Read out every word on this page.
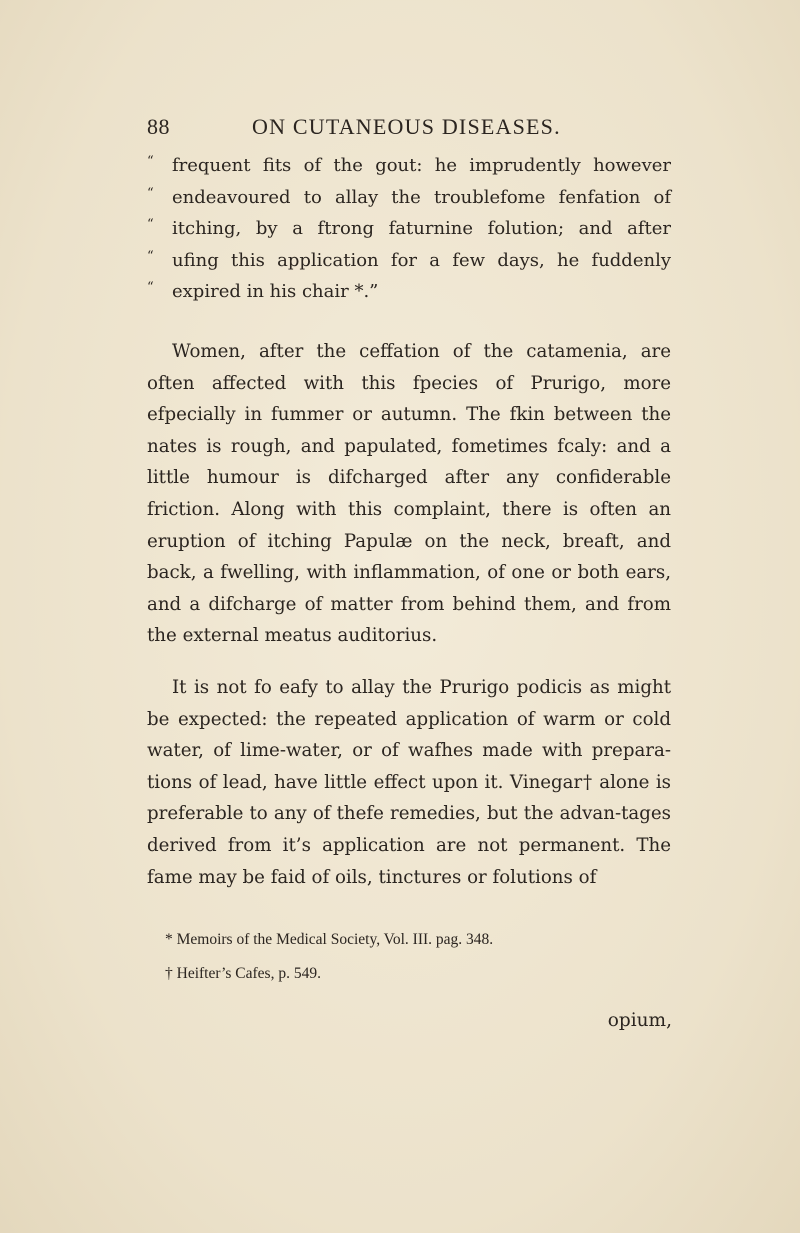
88	ON CUTANEOUS DISEASES.
“ frequent fits of the gout: he imprudently however
“ endeavoured to allay the troublefome fenfation of
“ itching, by a ftrong faturnine folution; and after
“ ufing this application for a few days, he fuddenly
“ expired in his chair *.”
Women, after the ceffation of the catamenia, are often affected with this fpecies of Prurigo, more efpecially in fummer or autumn. The fkin between the nates is rough, and papulated, fometimes fcaly: and a little humour is difcharged after any confiderable friction. Along with this complaint, there is often an eruption of itching Papulæ on the neck, breaft, and back, a fwelling, with inflammation, of one or both ears, and a difcharge of matter from behind them, and from the external meatus auditorius.
It is not fo eafy to allay the Prurigo podicis as might be expected: the repeated application of warm or cold water, of lime-water, or of wafhes made with prepara-tions of lead, have little effect upon it. Vinegar† alone is preferable to any of thefe remedies, but the advan-tages derived from it’s application are not permanent. The fame may be faid of oils, tinctures or folutions of
* Memoirs of the Medical Society, Vol. III. pag. 348.
† Heifter’s Cafes, p. 549.
opium,
